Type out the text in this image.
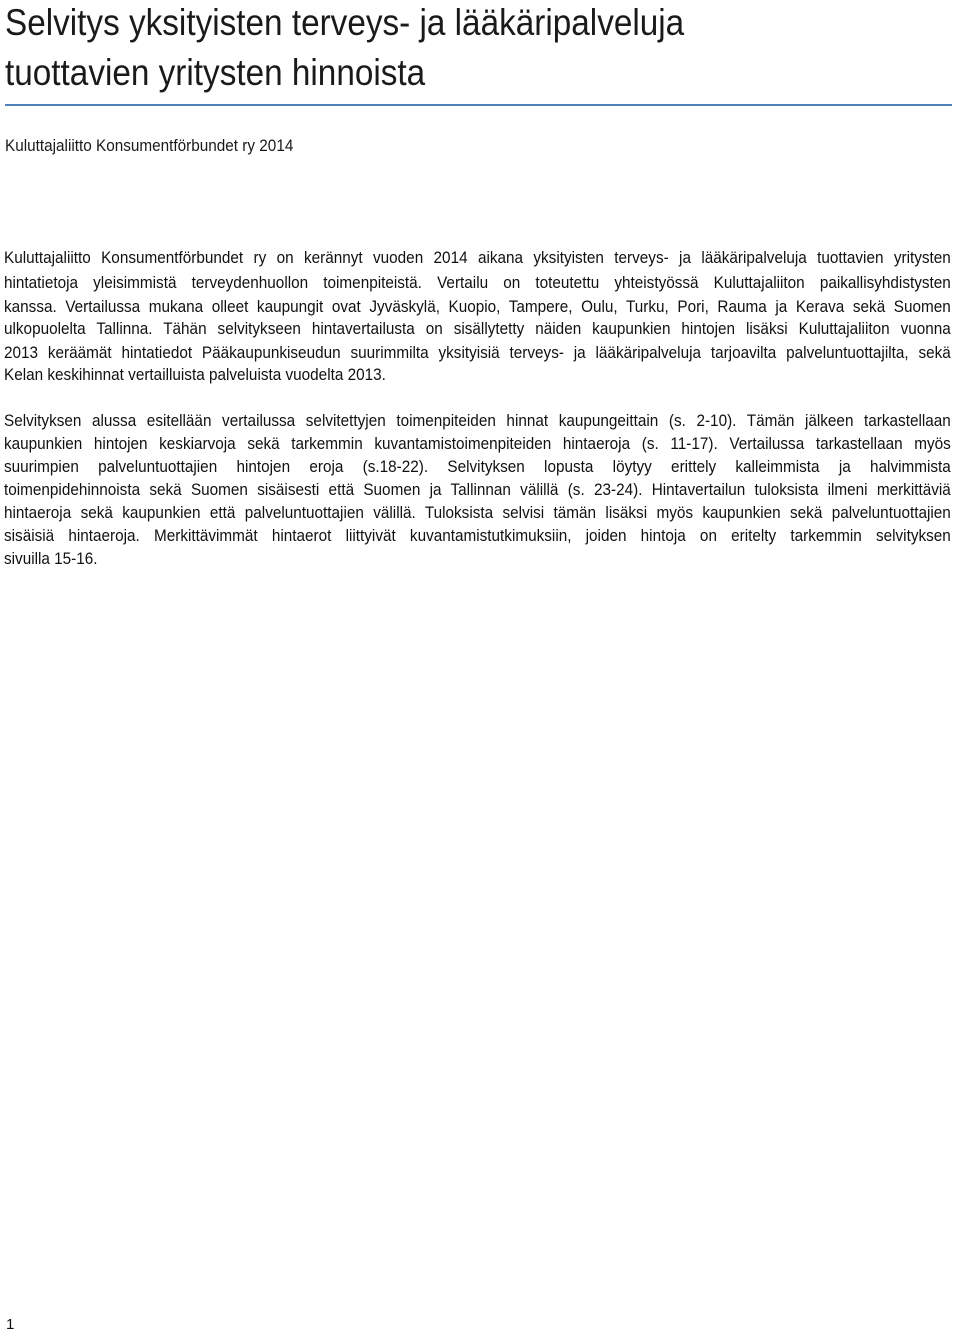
Selvitys yksityisten terveys- ja lääkäripalveluja
tuottavien yritysten hinnoista
Kuluttajaliitto Konsumentförbundet ry 2014

Kuluttajaliitto Konsumentförbundet ry on kerännyt vuoden 2014 aikana yksityisten terveys- ja lääkäripalveluja tuottavien yritysten

hintatietoja yleisimmistä terveydenhuollon toimenpiteistä. Vertailu on toteutettu yhteistyössä Kuluttajaliiton paikallisyhdistysten

kanssa. Vertailussa mukana olleet kaupungit ovat Jyväskylä, Kuopio, Tampere, Oulu, Turku, Pori, Rauma ja Kerava sekä Suomen

ulkopuolelta Tallinna. Tähän selvitykseen hintavertailusta on sisällytetty näiden kaupunkien hintojen lisäksi Kuluttajaliiton vuonna

2013 keräämät hintatiedot Pääkaupunkiseudun suurimmilta yksityisiä terveys- ja lääkäripalveluja tarjoavilta palveluntuottajilta, sekä

Kelan keskihinnat vertailluista palveluista vuodelta 2013.

Selvityksen alussa esitellään vertailussa selvitettyjen toimenpiteiden hinnat kaupungeittain (s. 2-10). Tämän jälkeen tarkastellaan

kaupunkien hintojen keskiarvoja sekä tarkemmin kuvantamistoimenpiteiden hintaeroja (s. 11-17). Vertailussa tarkastellaan myös

suurimpien palveluntuottajien hintojen eroja (s.18-22). Selvityksen lopusta löytyy erittely kalleimmista ja halvimmista

toimenpidehinnoista sekä Suomen sisäisesti että Suomen ja Tallinnan välillä (s. 23-24). Hintavertailun tuloksista ilmeni merkittäviä

hintaeroja sekä kaupunkien että palveluntuottajien välillä. Tuloksista selvisi tämän lisäksi myös kaupunkien sekä palveluntuottajien

sisäisiä hintaeroja. Merkittävimmät hintaerot liittyivät kuvantamistutkimuksiin, joiden hintoja on eritelty tarkemmin selvityksen

sivuilla 15-16.

1
